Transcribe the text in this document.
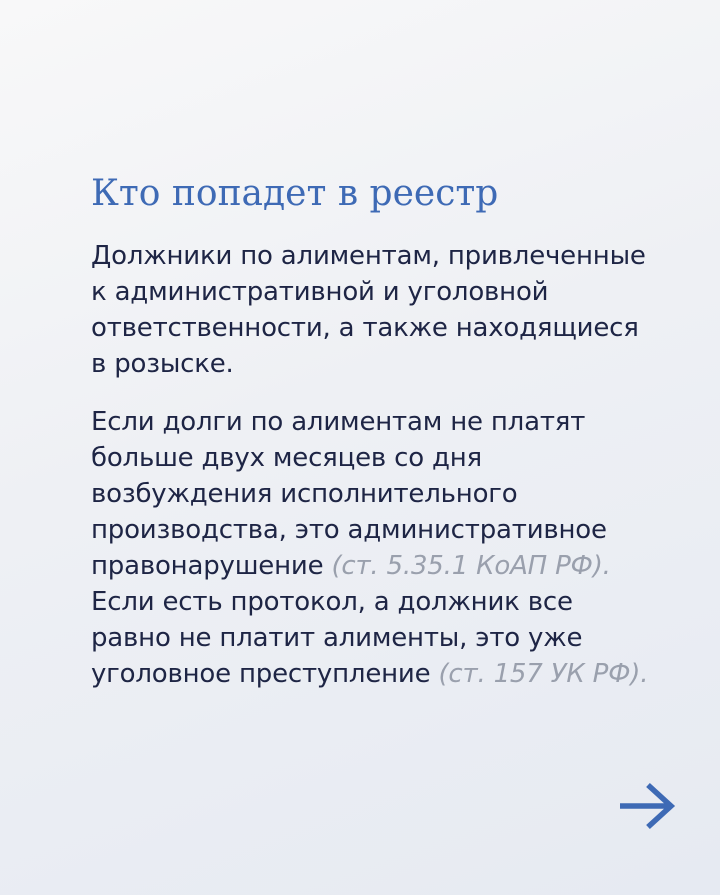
Кто попадет в реестр

Должники по алиментам, привлеченные
к административной и уголовной
ответственности, а также находящиеся
в розыске.

Если долги по алиментам не платят
больше двух месяцев со дня
возбуждения исполнительного
производства, это административное
правонарушение (ст. 5.35.1 КоАП РФ).
Если есть протокол, а должник все
равно не платит алименты, это уже
уголовное преступление (ст. 157 УК РФ).
